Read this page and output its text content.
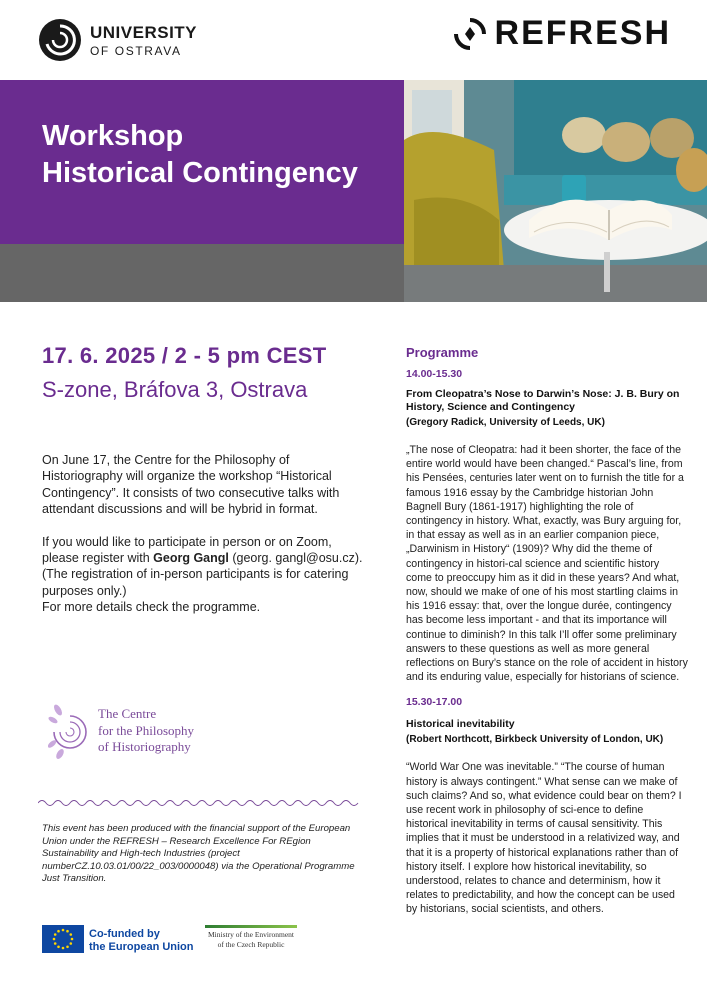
UNIVERSITY
OF OSTRAVA	REFRESH
Workshop
Historical Contingency
17. 6. 2025 / 2 - 5 pm CEST
S-zone, Bráfova 3, Ostrava

On June 17, the Centre for the Philosophy of Historiography will organize the workshop “Historical Contingency”. It consists of two consecutive talks with attendant discussions and will be hybrid in format.

If you would like to participate in person or on Zoom, please register with Georg Gangl (georg. gangl@osu.cz). (The registration of in-person participants is for catering purposes only.)

For more details check the programme.

The Centre
for the Philosophy
of Historiography
This event has been produced with the financial support of the European Union under the REFRESH – Research Excellence For REgion Sustainability and High-tech Industries (project numberCZ.10.03.01/00/22_003/0000048) via the Operational Programme Just Transition.
Co-funded by
the European Union
Ministry of the Environment
of the Czech Republic
Programme
14.00-15.30
From Cleopatra’s Nose to Darwin’s Nose: J. B. Bury on History, Science and Contingency
(Gregory Radick, University of Leeds, UK)
„The nose of Cleopatra: had it been shorter, the face of the entire world would have been changed.“ Pascal’s line, from his Pensées, centuries later went on to furnish the title for a famous 1916 essay by the Cambridge historian John Bagnell Bury (1861-1917) highlighting the role of contingency in history. What, exactly, was Bury arguing for, in that essay as well as in an earlier companion piece, „Darwinism in History“ (1909)? Why did the theme of contingency in histori-cal science and scientific history come to preoccupy him as it did in these years? And what, now, should we make of one of his most startling claims in his 1916 essay: that, over the longue durée, contingency has become less important - and that its importance will continue to diminish? In this talk I’ll offer some preliminary answers to these questions as well as more general reflections on Bury’s stance on the role of accident in history and its enduring value, especially for historians of science.
15.30-17.00
Historical inevitability
(Robert Northcott, Birkbeck University of London, UK)
“World War One was inevitable.” “The course of human history is always contingent.” What sense can we make of such claims? And so, what evidence could bear on them? I use recent work in philosophy of sci-ence to define historical inevitability in terms of causal sensitivity. This implies that it must be understood in a relativized way, and that it is a property of historical explanations rather than of history itself. I explore how historical inevitability, so understood, relates to chance and determinism, how it relates to predictability, and how the concept can be used by historians, social scientists, and others.
